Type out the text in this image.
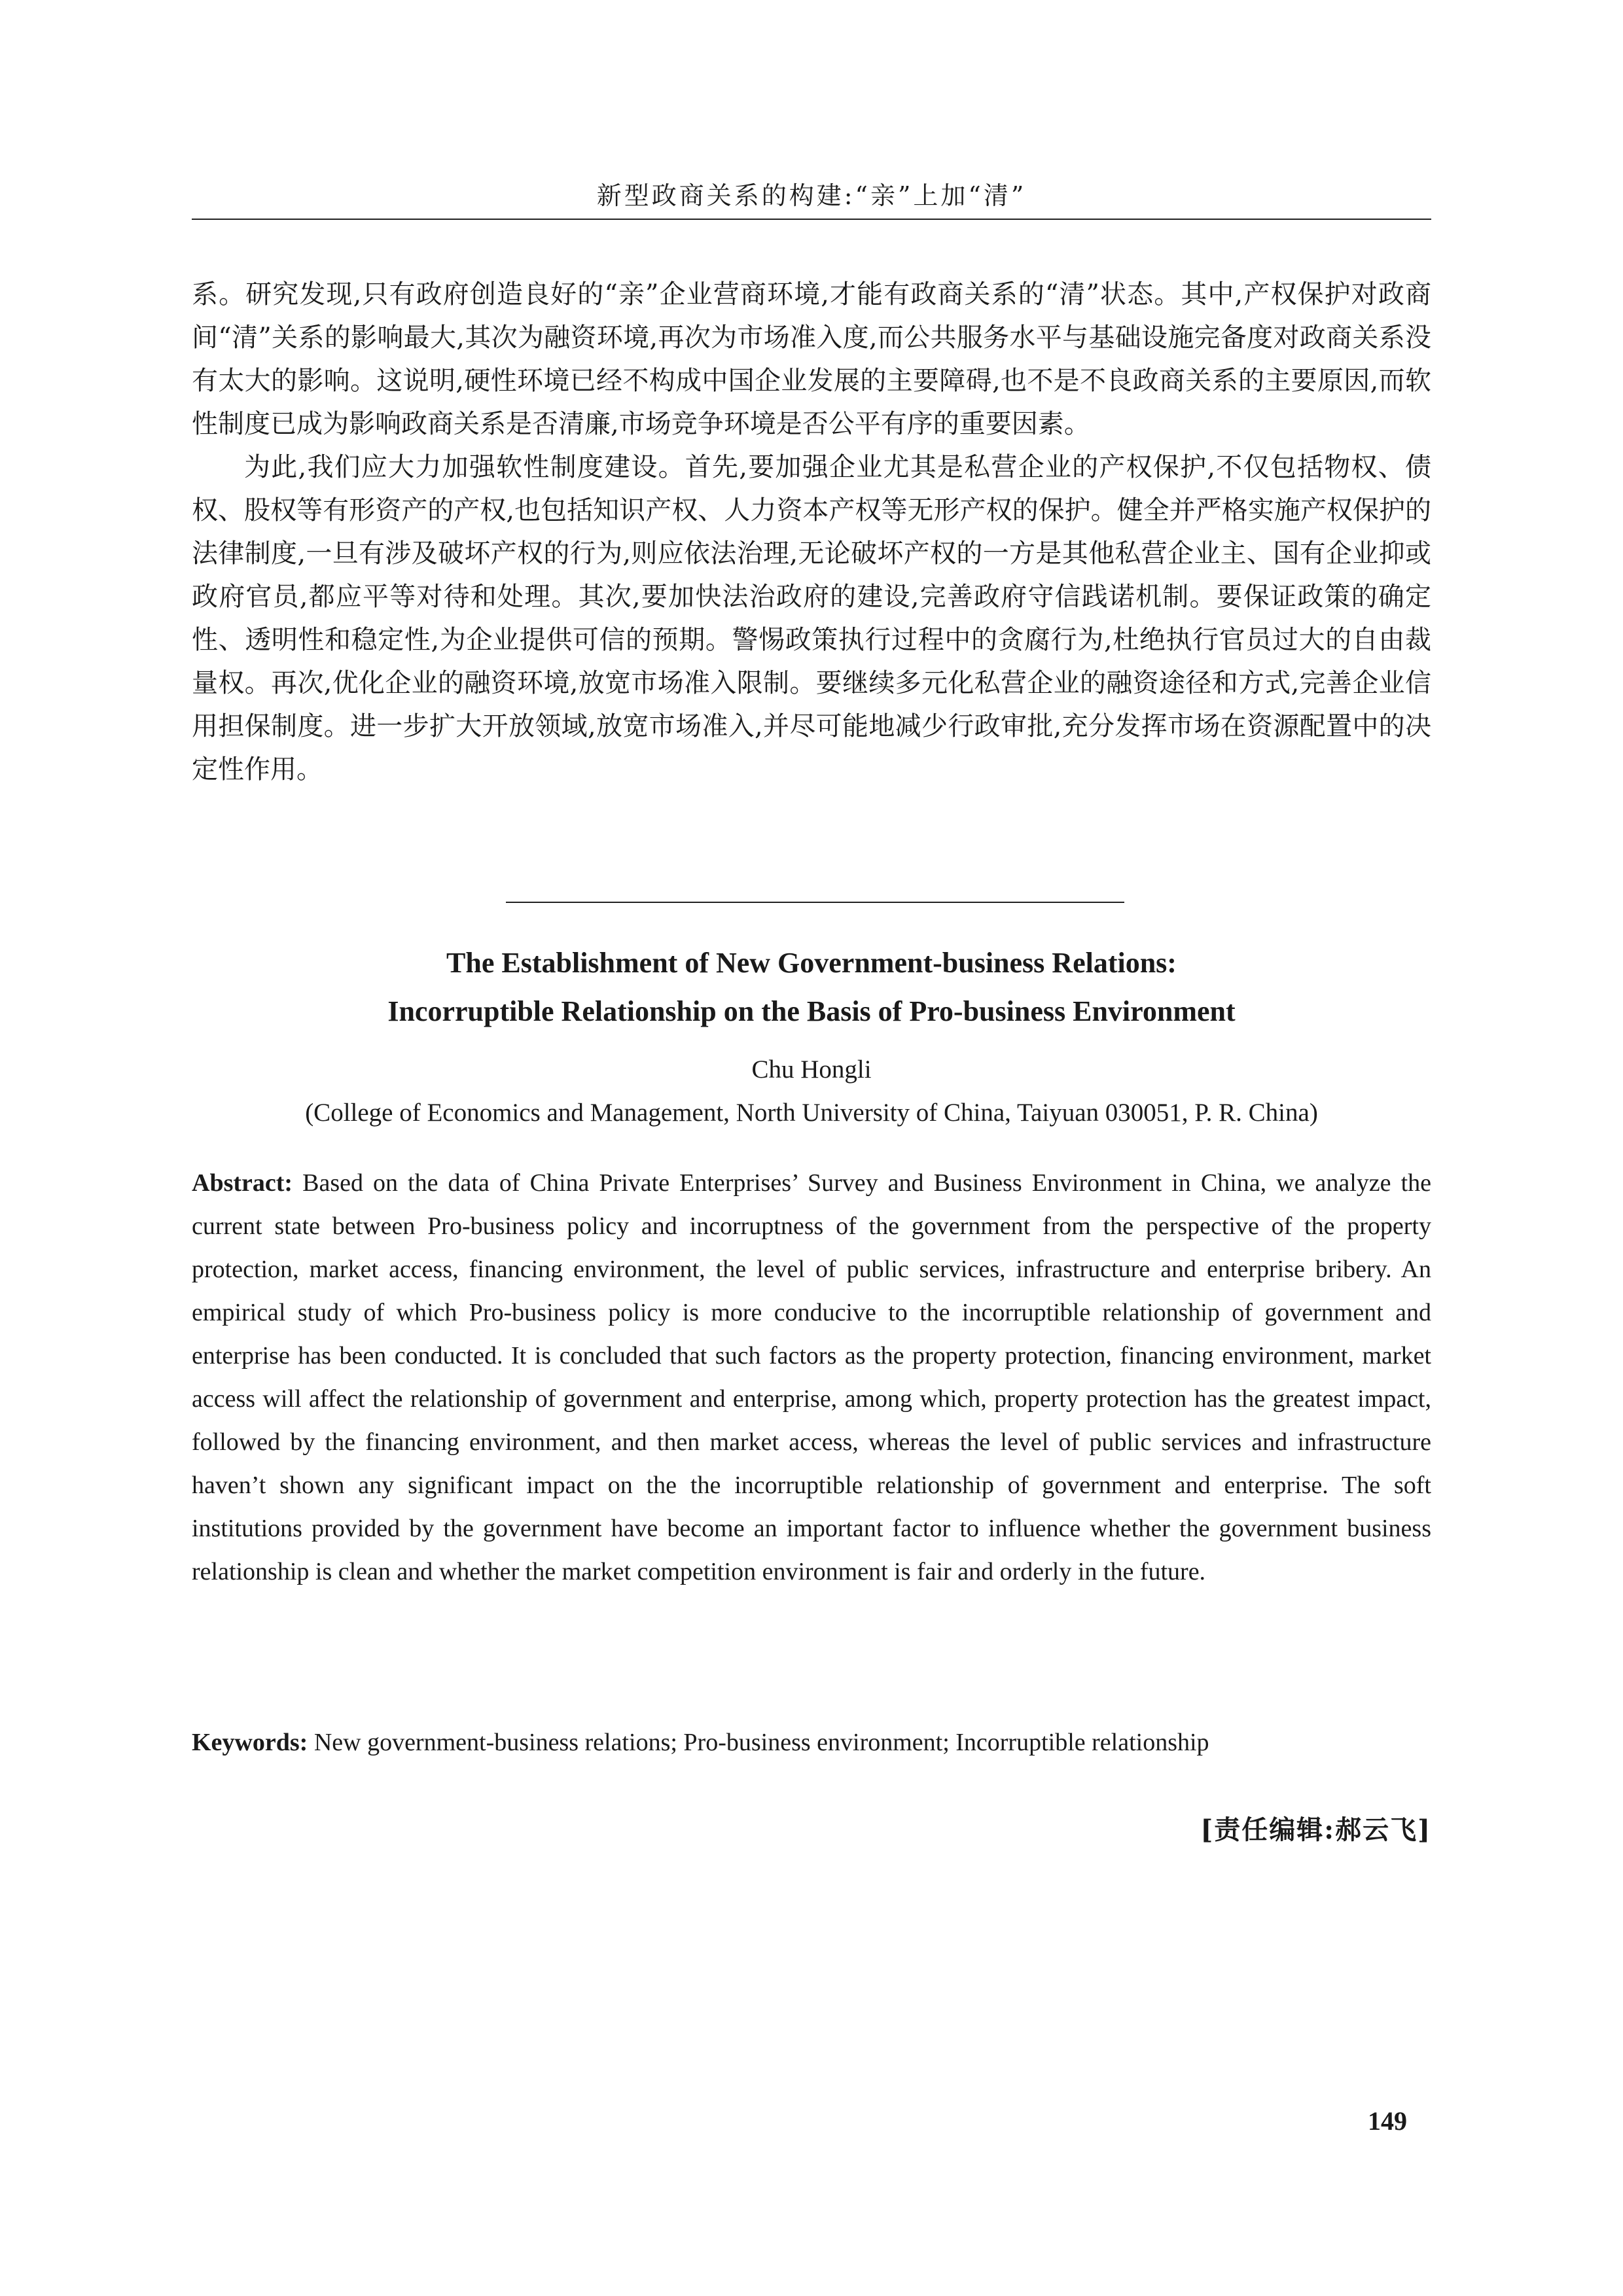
新型政商关系的构建:“亲”上加“清”

系。研究发现,只有政府创造良好的“亲”企业营商环境,才能有政商关系的“清”状态。其中,产权保护对政商间“清”关系的影响最大,其次为融资环境,再次为市场准入度,而公共服务水平与基础设施完备度对政商关系没有太大的影响。这说明,硬性环境已经不构成中国企业发展的主要障碍,也不是不良政商关系的主要原因,而软性制度已成为影响政商关系是否清廉,市场竞争环境是否公平有序的重要因素。

为此,我们应大力加强软性制度建设。首先,要加强企业尤其是私营企业的产权保护,不仅包括物权、债权、股权等有形资产的产权,也包括知识产权、人力资本产权等无形产权的保护。健全并严格实施产权保护的法律制度,一旦有涉及破坏产权的行为,则应依法治理,无论破坏产权的一方是其他私营企业主、国有企业抑或政府官员,都应平等对待和处理。其次,要加快法治政府的建设,完善政府守信践诺机制。要保证政策的确定性、透明性和稳定性,为企业提供可信的预期。警惕政策执行过程中的贪腐行为,杜绝执行官员过大的自由裁量权。再次,优化企业的融资环境,放宽市场准入限制。要继续多元化私营企业的融资途径和方式,完善企业信用担保制度。进一步扩大开放领域,放宽市场准入,并尽可能地减少行政审批,充分发挥市场在资源配置中的决定性作用。

The Establishment of New Government-business Relations:
Incorruptible Relationship on the Basis of Pro-business Environment
Chu Hongli
(College of Economics and Management, North University of China, Taiyuan 030051, P. R. China)

Abstract: Based on the data of China Private Enterprises’ Survey and Business Environment in China, we analyze the current state between Pro-business policy and incorruptness of the government from the perspective of the property protection, market access, financing environment, the level of public services, infrastructure and enterprise bribery. An empirical study of which Pro-business policy is more conducive to the incorruptible relationship of government and enterprise has been conducted. It is concluded that such factors as the property protection, financing environment, market access will affect the relationship of government and enterprise, among which, property protection has the greatest impact, followed by the financing environment, and then market access, whereas the level of public services and infrastructure haven’t shown any significant impact on the the incorruptible relationship of government and enterprise. The soft institutions provided by the government have become an important factor to influence whether the government business relationship is clean and whether the market competition environment is fair and orderly in the future.

Keywords: New government-business relations; Pro-business environment; Incorruptible relationship

[责任编辑:郝云飞]
149
